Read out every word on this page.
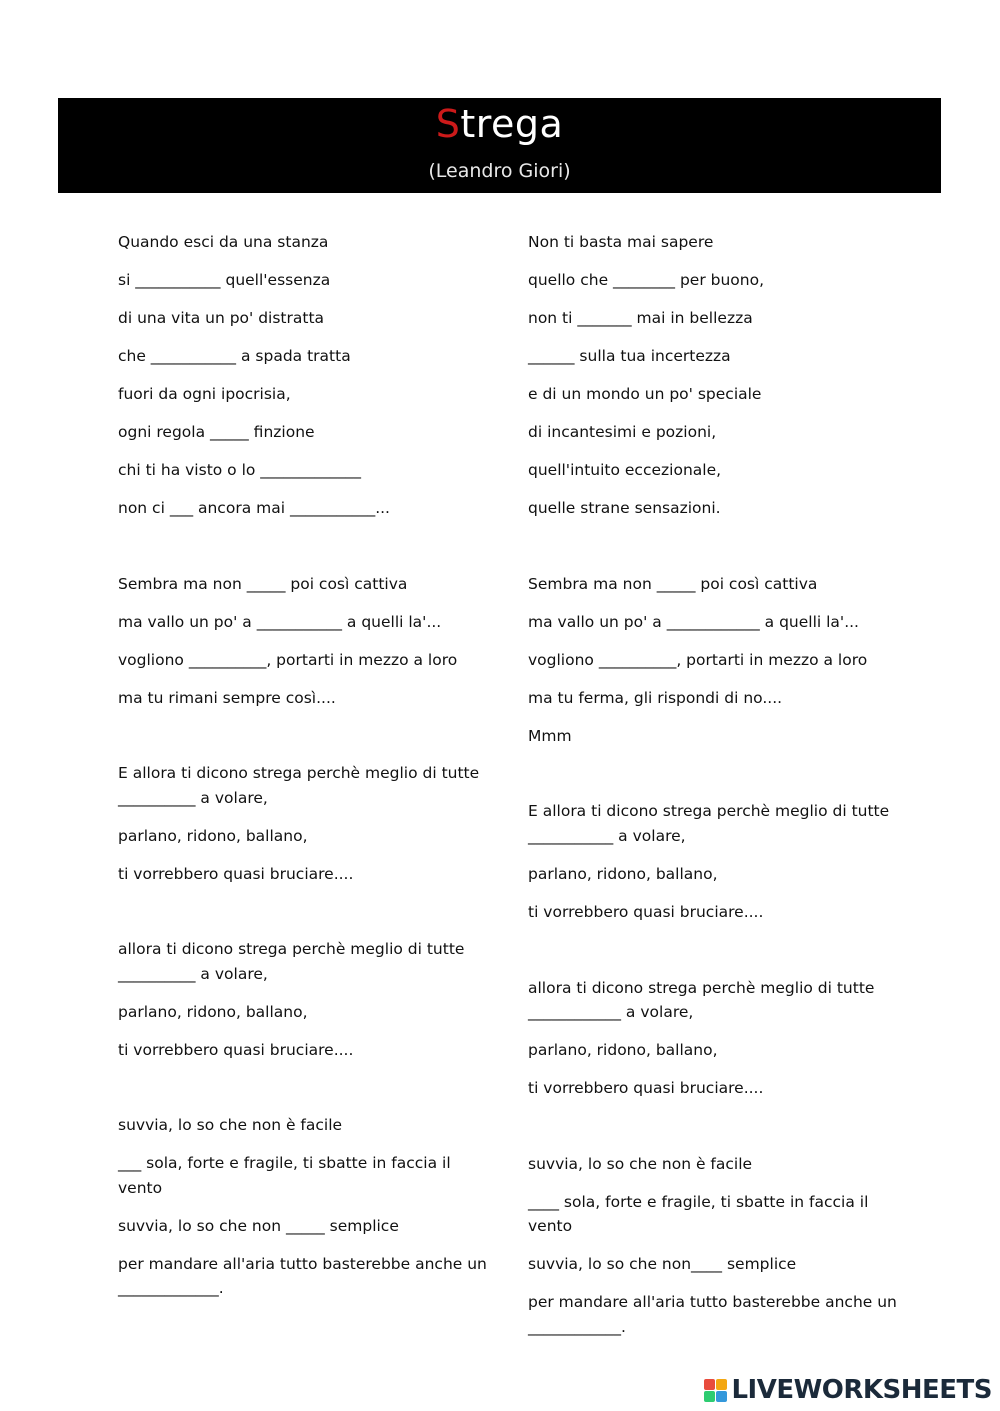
Strega
(Leandro Giori)

Quando esci da una stanza

si ___________ quell'essenza

di una vita un po' distratta

che ___________ a spada tratta

fuori da ogni ipocrisia,

ogni regola _____ finzione

chi ti ha visto o lo _____________

non ci ___ ancora mai ___________...

Sembra ma non _____ poi così cattiva

ma vallo un po' a ___________ a quelli la'...

vogliono __________, portarti in mezzo a loro

ma tu rimani sempre così....

E allora ti dicono strega perchè meglio di tutte __________ a volare,

parlano, ridono, ballano,

ti vorrebbero quasi bruciare....

allora ti dicono strega perchè meglio di tutte __________ a volare,

parlano, ridono, ballano,

ti vorrebbero quasi bruciare....

suvvia, lo so che non è facile

___ sola, forte e fragile, ti sbatte in faccia il vento

suvvia, lo so che non _____ semplice

per mandare all'aria tutto basterebbe anche un _____________.

Non ti basta mai sapere

quello che ________ per buono,

non ti _______ mai in bellezza

______ sulla tua incertezza

e di un mondo un po' speciale

di incantesimi e pozioni,

quell'intuito eccezionale,

quelle strane sensazioni.

Sembra ma non _____ poi così cattiva

ma vallo un po' a ____________ a quelli la'...

vogliono __________, portarti in mezzo a loro

ma tu ferma, gli rispondi di no....

Mmm

E allora ti dicono strega perchè meglio di tutte ___________ a volare,

parlano, ridono, ballano,

ti vorrebbero quasi bruciare....

allora ti dicono strega perchè meglio di tutte ____________ a volare,

parlano, ridono, ballano,

ti vorrebbero quasi bruciare....

suvvia, lo so che non è facile

____ sola, forte e fragile, ti sbatte in faccia il vento

suvvia, lo so che non____ semplice

per mandare all'aria tutto basterebbe anche un ____________.

LIVEWORKSHEETS
